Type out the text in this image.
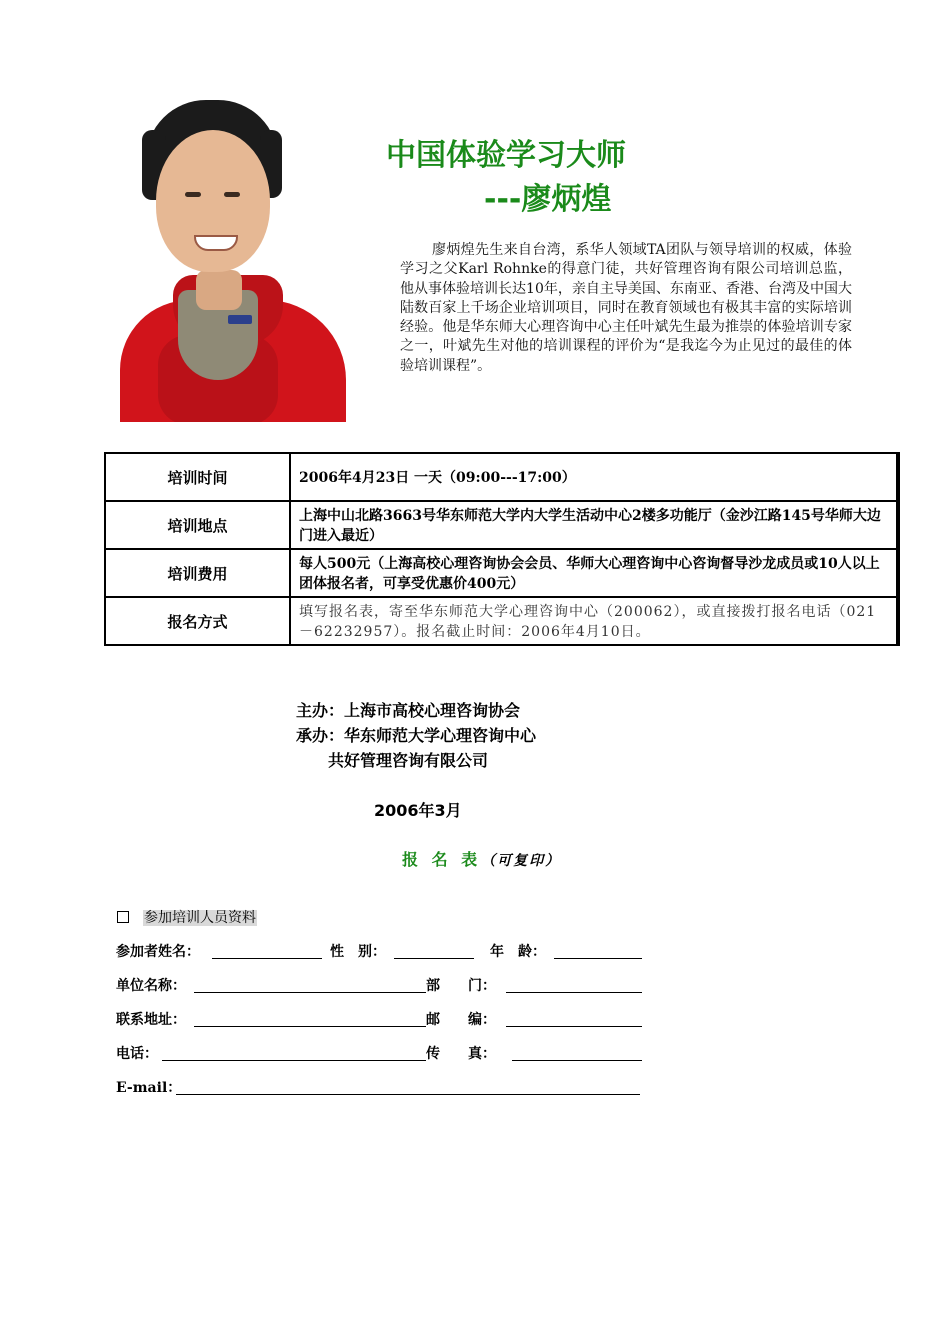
中国体验学习大师
---廖炳煌
廖炳煌先生来自台湾，系华人领域TA团队与领导培训的权威，体验学习之父Karl Rohnke的得意门徒，共好管理咨询有限公司培训总监，他从事体验培训长达10年，亲自主导美国、东南亚、香港、台湾及中国大陆数百家上千场企业培训项目，同时在教育领域也有极其丰富的实际培训经验。他是华东师大心理咨询中心主任叶斌先生最为推崇的体验培训专家之一，叶斌先生对他的培训课程的评价为“是我迄今为止见过的最佳的体验培训课程”。
培训时间	2006年4月23日 一天（09:00---17:00）
培训地点	上海中山北路3663号华东师范大学内大学生活动中心2楼多功能厅（金沙江路145号华师大边门进入最近）
培训费用	每人500元（上海高校心理咨询协会会员、华师大心理咨询中心咨询督导沙龙成员或10人以上团体报名者，可享受优惠价400元）
报名方式	填写报名表，寄至华东师范大学心理咨询中心（200062），或直接拨打报名电话（021－62232957）。报名截止时间：2006年4月10日。
主办：上海市高校心理咨询协会
承办：华东师范大学心理咨询中心
共好管理咨询有限公司
2006年3月
报 名 表（可复印）
参加培训人员资料
参加者姓名：	性　别：	年　龄：
单位名称：	部　　门：
联系地址：	邮　　编：
电话：	传　　真：
E-mail：
